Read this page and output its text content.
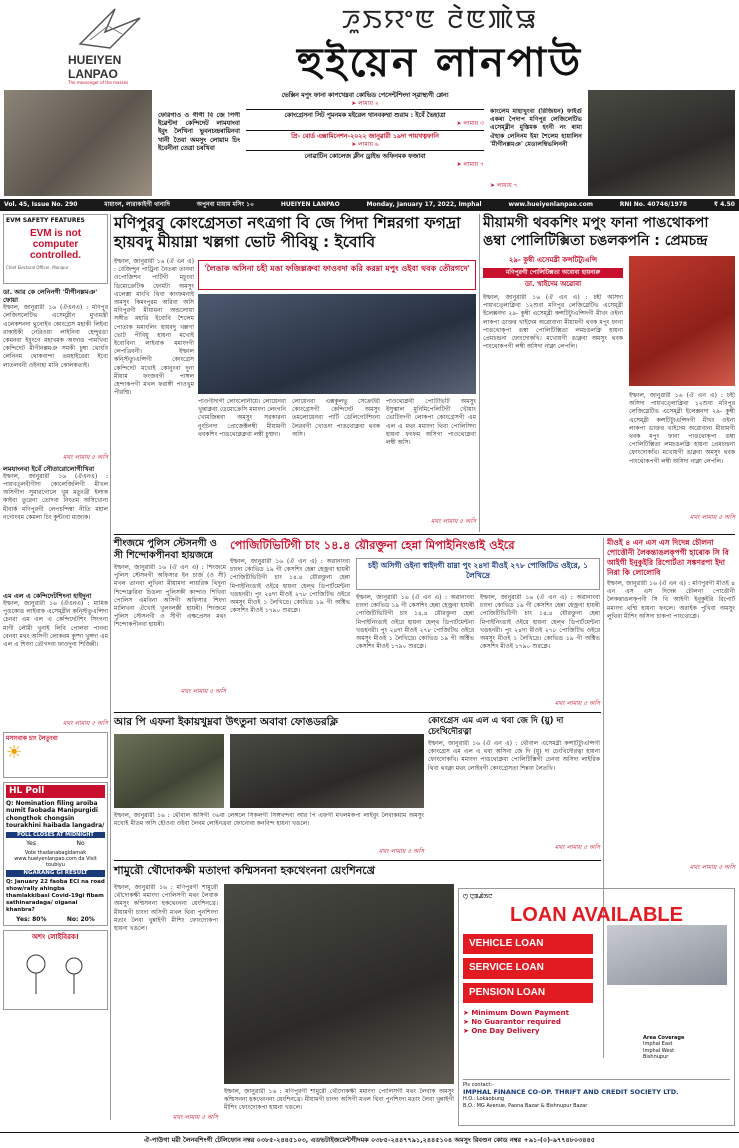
HUEIYEN
LANPAO
The messenger of the masses
ꯍꯨꯏꯌꯦꯟ ꯂꯥꯟꯄꯥꯎ
হুইয়েন লানপাউ
ফেরিগাও ও গীগী বি জে পিগী ইৱেন্টদা কেন্দিদেট লামযাংবা ইবুং লৈখিনা ভুবনচন্দ্ৰৰায়িনবা খানী তৈবা অমসুং লোয়াম চিং ইবেনীনা তেত্ৰা চৰখিবা
ভেক্সিন মপুং ফানা কাপখেম্নবা কোভিড পেসেন্টশিংদা স্ৱাস্থ্যগী প্লেন্য
➤ লামায় ২
কোংগ্রেসনা সিট পুমনমক মইরেল থানবকম্মা শুরাম : ইবেঁ ভৈহাত্রা
➤ লামায় ৩
প্রি- বোর্ড এক্সামিনেশন-২০২২ জানুৱারী ১৯দা পায়খত্নফানি
➤ লামায় ৬
নোৱাটিন কোলেজ ক্লীন ড্রাইভ অফিনমক ফজাবা
➤ লামায় ৭
কাংলেম মাহাখুংবা (রিজিয়ন) ফাইগুঁ একৰা পৈদাপ মণিপুর লেজিলেটিভ এসেম্ব্লীন মুস্তিমক হংনী নং ৰামা ঐহাক লেনিনম ইমা শৈলেম হায়ালিন 'মীগীনল্লমঞ' মেডালম্বিভলিননী
➤ লামায় ৭
Vol. 45, Issue No. 290	মায়াংল, লারাকাইগী থানাদি	অপুনবা মায়াম মসিং ১০	HUEIYEN LANPAO	Monday, January 17, 2022, Imphal	www.hueiyenlanpao.com	RNI No. 40746/1978	₹ 4.50
EVM SAFETY FEATURES
EVM is not computer controlled.
Chief Electoral Officer, Manipur
ডা. আর কে লেনিনগী 'মীগীনল্লমঞ' ফোয়া
ইম্ফাল, জানুৱারী ১৬ (ঐএনএ) : মণিপুর লেজিসলেটিভ এসেম্ব্লীন মুখ্যমন্ত্রী এলেকশনদা থুনোইব কোংগ্রেস মহাকী লিইবা রাকাইকী নেরিওয়া লাইনিবা হেন্দুরঙা কেমনবা ইবুংগে মহাখমক অংদাঙ পামখিবা কেন্দিদেট মীগীনল্লমঞ সমকী চুম্বা থোংবি লেনিনম থোকবান্দা তমহাইরেরা ইবো লাতলবনী ওইনাহা মানি কোলকতাই।
মথং লামায় ৫ অসি
লমযাংনবা ইবেঁ সৌতারোলোগীখিবা
ইম্ফাল, জানুৱারী ১৬ (ঐএনএ) : পায়খত্লবীগীদা কোলেজিলিগী মীখল অসিগীদা সুমারগোলে খুম মতুংখ্রী ইলাক কাইবা তুরেনা তোদবা নিংতম অসিখোনা মীবাৰ্ক মণিপুরগী লেপচন্দিম্বা নীতি মহাল নগোংবম কেমলা চিং কুন্টংবা মাজাক।
এম এল এ কেন্দিদেটশিংনা হাইদুনা
ইম্ফাল, জানুৱারী ১৬ (ঐএনএ) : মামিক পুঙকোঙ লাইবাক এসেম্ব্লীন কন্স্টিতুএন্সিদা চেনবা এম এল এ কেন্দিদেটশিং সিংগনা মাগী লৌমী খুনাই লিবি পোলবা পানবা বেনবা মথং অসিগী লোকরম কুম্দা খুঙ্গদা এম এল এ শিংদা তৌগদবা ফাওদুনা শিজিন্নী।
মথং লামায় ৫ অসি
মসাংবাক চাং লৈতুংবা
☀
HL Poll
Q: Nomination filing aroiba numit faobada Manipurgidi chongthok chongsin tourakhini haibada langadra/
POLL CLOSES AT MIDNIGHT
Yes	No
Vote thadanabagidamak www.hueiyenlanpao.com da Visit toubiyu
NGARANG GI RESULT
Q: January 22 faoba ECI na road show/rally ahingba thamlakkibasi Covid-19gi fibam sathinaradaga/ oiganai khanbra?
Yes: 80%	No: 20%
অশং লোইবিরক!
মণিপুরবু কোংগ্রেসতা নৎত্রগা বি জে পিদা শিন্নরগা ফগদ্রা হায়বদু মীয়াম্না খল্লগা ভোট পীবিয়ু : ইবোবি
ইম্ফাল, জানুৱারী ১৬ (ঐ এন এ) : বেজিন্দুন পাট্রিনা নৈতৰা তানবা ওপোজিশন পার্টিগী মচুংবা ডিমোক্রেটিক ফোর্মটা অমসুং এলেক্সা মাংখি থিবা কাংফমনাই অমসুং কিমংপুরম অরিবা অসি মণিপুরগী মীয়ামনা অন্ডলোয়া সঙ্গীত মহারি ইবোবি শৈলেম পোতাক মমাংলিং হায়বদু খল্লগা ভোট পীবিয়ু হায়না মখোই ইবোবিনা লাইবাক মমাংদগী লেপখ্রিবনী। ইম্ফাল কন্স্টিত্যুএন্সিগী কোংগ্রেস কেন্দিদেট মখোই কোনুংবা দুনা মীয়াম ফংজবগী পাঙ্গল হেন্দাকপগী মখল ফরাঙ্গী পাওখুম পীরম্মি।
'লৈঙাক অসিনা চহী মঙা ফজিল্লক্রবা ফাওবদা করি করম্না মপুং ওইবা থবক তৌরগদে'
পাওগীদাগী লোংলোনীয়ে। লোয়েনবা খুন্তাক্লবা ডেমোক্রেসি মমাংদা লেংগনি খোমজিন্নবা অমসুং সরকারনা নুংচিনদা প্রোজেক্টলম্বী মীয়ামগী থবকশিং পাঙথোক্লক্লবা লম্বী চুম্মদা।
লোয়েনবা এক্সকুলভু সেক্রেটরী কোংগ্রেসগী কেন্দিদেট অমসুং তমলোয়েনবা পার্টি ডেলিগেটশিংনা লৈরবগী খোঙদা পাঙথোক্লবা থবক অসি।
পাওথোক্লবী পোটিভিটি অমসুং ইসুম্ভাল মুনিমিপেলিটিগী খৌয়াং ভোটিংদগী লোকপা কোংগ্রেসগী এম এল এ মথং মমাংদা থিবা পোলিসিদা হায়না ফংফম অসিগা পাওথোক্লবা লম্বী অসি।
মথং লামায় ৫ অসি
মীয়ামগী থবকশিং মপুং ফানা পাঙথোকপা ঙম্বা পোলিটিক্সিতা চঙলকপনি : প্রেমচন্দ্র
২৯- কুম্বী এসেমব্লী কন্সটিট্যুএন্সি
মণিপুরগী পোলিটিক্সতা অবোবা হায়নারু
ডা. খাইদেম অৱোবা
ইম্ফাল, জানুৱারী ১৬ (ঐ এন এ) : চহী অসিদা পায়খত্লোক্লিবা ১২শুবা মণিপুর লেজিস্লেটিভ এসেম্ব্লী ইলেক্সনদা ২৯- কুম্বী এসেম্ব্লী কন্সটিট্যুএন্সিদগী মীখং ওইনা লাকপা ডাক্তর খাইদেম অৱোবানা মীয়ামগী থবক মপুং ফানা পাঙথোক্পা ঙম্বা পোলিটিক্সিতা লমচঙলক্লি হায়না প্রেমচন্দ্রনা ফোংদোকখি। মখোয়গী ঙাক্নবা অমসুং থবক পাংথোকপগী লম্বী অসিদা নাক্না লেপলি।
ইম্ফাল, জানুৱারী ১৬ (ঐ এন এ) : চহী অসিদা পায়খত্লোক্লিবা ১২শুবা মণিপুর লেজিস্লেটিভ এসেম্ব্লী ইলেক্সনদা ২৯- কুম্বী এসেম্ব্লী কন্সটিট্যুএন্সিদগী মীখং ওইনা লাকপা ডাক্তর খাইদেম অৱোবানা মীয়ামগী থবক মপুং ফানা পাঙথোক্পা ঙম্বা পোলিটিক্সিতা লমচঙলক্লি হায়না প্রেমচন্দ্রনা ফোংদোকখি। মখোয়গী ঙাক্নবা অমসুং থবক পাংথোকপগী লম্বী অসিদা নাক্না লেপলি।
মথং লামায় ৫ অসি
শীংজমে পুলিস স্টেসনগী ও সী শিন্দোকপীনবা হায়জন্নে
ইম্ফাল, জানুৱারী ১৬ (ঐ এন এ) : শিংজমে পুলিস স্টেসনগী অফিসার ইন চার্জ (ও সী) মখল তানবা লুখিনা মীয়ামদা লায়রিক থিদুনা শিন্দোক্নরিবা চিঙলা পুলিসকী কান্দাও শিখিবা পোলিস এমবিনা অসিগী অফিসার শিংদা মালিখনা ঐখোই খুলংলক্কী হায়ৰী। শিংজমে পুলিস স্টেসনগী ও সীগী এক্ষপ্রেসন মথং শিন্দোকপীনবা হায়ৰী।
মথং লামায় ৫ অসি
পোজিটিভিটিগী চাং ১৪.৪ য়ৌরক্তুনা হেন্না মিপাইনিংঙাই ওইরে
ইম্ফাল, জানুৱারী ১৬ (ঐ এন এ) : অৱানাংবা চাংদা কোভিড ১৯ গী কেসশিং হেন্না হেক্ত্রবা হায়ৰী পোজিটিভিটিগী চাং ১৪.৪ য়ৌরক্তুনা হেন্না মিপাইনিংঙাই ওইরে হায়না হেল্থ ডিপার্টমেন্টনা খঙহনরী। পুং ২৪দা মীওই ২৭৮ পোজিটিভ ওইরে অমসুং মীওই ১ লৈখিদ্রে। কোভিড ১৯ গী অক্টিভ কেসশিং মীওই ১৭৯০ শুরক্লে।
চহী অসিগী ওইনা স্বাইদগী য়াম্না পুং ২৪দা মীওই ২৭৮ পোজিটিভ ওইরে, ১ লৈখিদ্রে
ইম্ফাল, জানুৱারী ১৬ (ঐ এন এ) : অৱানাংবা চাংদা কোভিড ১৯ গী কেসশিং হেন্না হেক্ত্রবা হায়ৰী পোজিটিভিটিগী চাং ১৪.৪ য়ৌরক্তুনা হেন্না মিপাইনিংঙাই ওইরে হায়না হেল্থ ডিপার্টমেন্টনা খঙহনরী। পুং ২৪দা মীওই ২৭৮ পোজিটিভ ওইরে অমসুং মীওই ১ লৈখিদ্রে। কোভিড ১৯ গী অক্টিভ কেসশিং মীওই ১৭৯০ শুরক্লে।
ইম্ফাল, জানুৱারী ১৬ (ঐ এন এ) : অৱানাংবা চাংদা কোভিড ১৯ গী কেসশিং হেন্না হেক্ত্রবা হায়ৰী পোজিটিভিটিগী চাং ১৪.৪ য়ৌরক্তুনা হেন্না মিপাইনিংঙাই ওইরে হায়না হেল্থ ডিপার্টমেন্টনা খঙহনরী। পুং ২৪দা মীওই ২৭৮ পোজিটিভ ওইরে অমসুং মীওই ১ লৈখিদ্রে। কোভিড ১৯ গী অক্টিভ কেসশিং মীওই ১৭৯০ শুরক্লে।
মথং লামায় ৫ অসি
মীওই ৪ এন এস এস দিদেন্ন চৌলনা পোত্তৌনী লৈকন্তাঙলক্পগী হাৰোক সি বি আইগী ইনুকুইরি রিপোর্টতা সঙ্কণরপা ইদা নিরা কি লোলোবি
ইম্ফাল, জানুৱারী ১৬ (ঐ এন এ) : মণিপুরগী মীওই ৪ এন এস এস দিদেন্ন চৌলনা পোত্তৌনী লৈকন্তাঙলক্পগী সি বি আইগী ইনুকুইরি রিপোর্ট মমাংদা থম্মি হায়না ফংলে। অরাইক পুখিবা অমসুং লুথিবা মীশিং অসিদা চাকপা পাংথোক্লে।
মথং লামায় ৫ অসি
আর পি এফনা ইকায়খুম্নবা উৎতুনা অবাবা ফোঙডরক্লি
ইম্ফাল, জানুৱারী ১৬ : থৌবাল অসিগী ৩৬বা লেঙ্গলে সিকলগী সিঙ্গখন্দবা আর পি এফগী মখলমকপা লাইবুং লৈবাকয়াম অমসুং মখোই মীতম অসি হৌওবা ওইবা লৈবম লোইনখ্রবা ফোনোবা কনবিন্দ হায়না খঙলে।
মথং লামায় ৫ অসি
কোংগ্রেস এম এল এ থবা জে দি (য়ু) দা চেংখিদৌরত্না
ইম্ফাল, জানুৱারী ১৬ (ঐ এন এ) : থৌবাল এসেমব্লী কন্সটিট্যুএন্সিগী কোংগ্রেস এম এল এ থবা অসিনা জে দি (য়ু) দা চেংখিদৌরত্না হায়না ফোংদোকখি। মমাংদা পাঙথোক্লবা পোলিটিক্সিগী চেনবা অসিদা লাইরিক থিবা থবক্না মথং লোইবগী কোংগ্রেসতা শিন্নবা লৈতখি।
মথং লামায় ৫ অসি
শামুরৌ থৌদোকক্ষী মতাংদা কম্মিসননা হকথেংননা য়েংশিনখ্রে
ইম্ফাল, জানুৱারী ১৬ : মণিপুরগী শামুরৌ থৌদোকক্ষী মমাংদা পোলিসগী মথং লৈবাক অমসুং কম্মিসননা হকথেংননা য়েংশিনখ্রে। মীয়ামগী চাংদা অসিগী মখল থিবা পুনশিংদা মতাং লৈবা খুন্নাইগী মীশিং ফোংদোকপা হায়না খঙলে।
মথং লামায় ৫ অসি
ইম্ফাল, জানুৱারী ১৬ : মণিপুরগী শামুরৌ থৌদোকক্ষী মমাংদা পোলিসগী মথং লৈবাক অমসুং কম্মিসননা হকথেংননা য়েংশিনখ্রে। মীয়ামগী চাংদা অসিগী মখল থিবা পুনশিংদা মতাং লৈবা খুন্নাইগী মীশিং ফোংদোকপা হায়না খঙলে।
ꯁꯨ ꯅꯨꯡꯉꯥꯏꯅ
LOAN AVAILABLE
VEHICLE LOAN
SERVICE LOAN
PENSION LOAN
➤ Minimum Down Payment
➤ No Guarantor required
➤ One Day Delivery
Area Coverage
Imphal East
Imphal West
Bishnupur
Pls contact:-
IMPHAL FINANCE CO-OP. THRIFT AND CREDIT SOCIETY LTD.
H.O.: Lokaobung
B.O.: MG Avenue, Paona Bazar & Bishnupur Bazar
ঐ-পাউগা মরী লৈনবশিংগী টেলিফোন নম্বর ০৩৮৫-২৪৪৫১০৩, এডভটাইজমেন্টগীদমক ০৩৮৫-২৪৪৭৭৯১,২৪৪৫১০৪ অমসুং রিবণ্ডন কোড নম্বর +৯১-(০)-৯৭৭৪৮০৩৪৪৫
